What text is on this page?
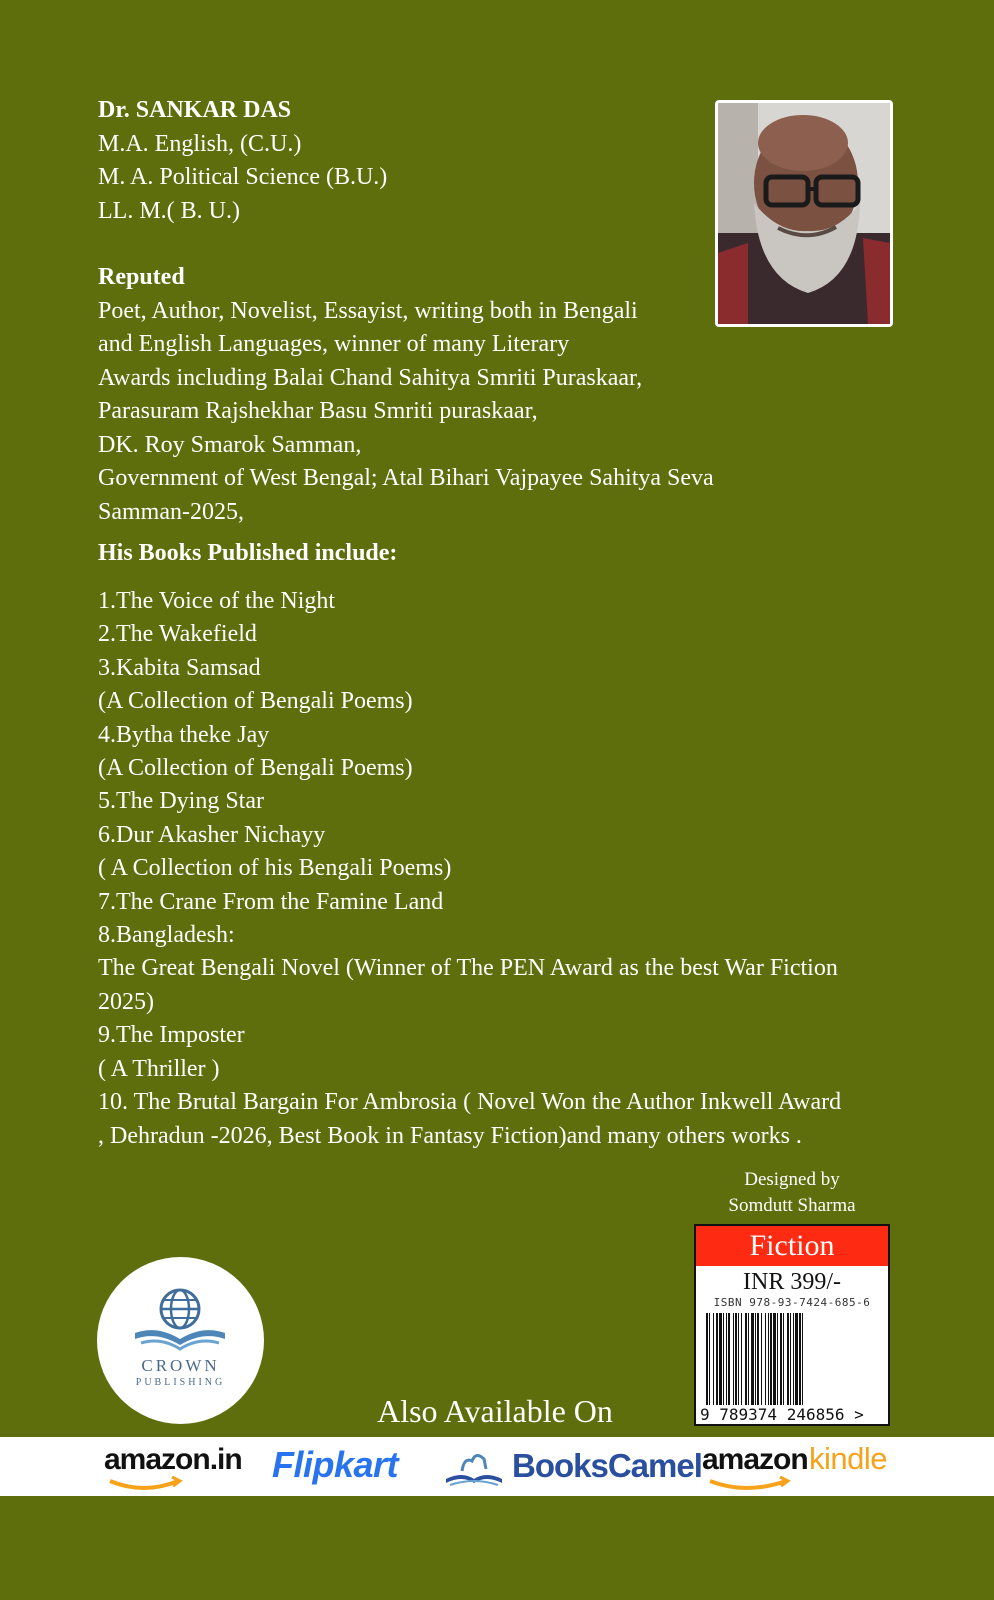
Dr. SANKAR DAS
M.A. English, (C.U.)
M. A. Political Science (B.U.)
LL. M.( B. U.)
Reputed
Poet, Author, Novelist, Essayist, writing both in Bengali
and English Languages, winner of many Literary
Awards including Balai Chand Sahitya Smriti Puraskaar,
Parasuram Rajshekhar Basu Smriti puraskaar,
DK. Roy Smarok Samman,
Government of West Bengal; Atal Bihari Vajpayee Sahitya Seva
Samman-2025,
His Books Published include:
1.The Voice of the Night
2.The Wakefield
3.Kabita Samsad
(A Collection of Bengali Poems)
4.Bytha theke Jay
(A Collection of Bengali Poems)
5.The Dying Star
6.Dur Akasher Nichayy
( A Collection of his Bengali Poems)
7.The Crane From the Famine Land
8.Bangladesh:
The Great Bengali Novel (Winner of The PEN Award as the best War Fiction
2025)
9.The Imposter
( A Thriller )
10. The Brutal Bargain For Ambrosia ( Novel Won the Author Inkwell Award
, Dehradun -2026, Best Book in Fantasy Fiction)and many others works .
Designed by
Somdutt Sharma
Fiction
INR 399/-
ISBN 978-93-7424-685-6
9 789374 246856 >
CROWN
PUBLISHING
Also Available On
amazon.in Flipkart	BooksCamel amazon kindle
